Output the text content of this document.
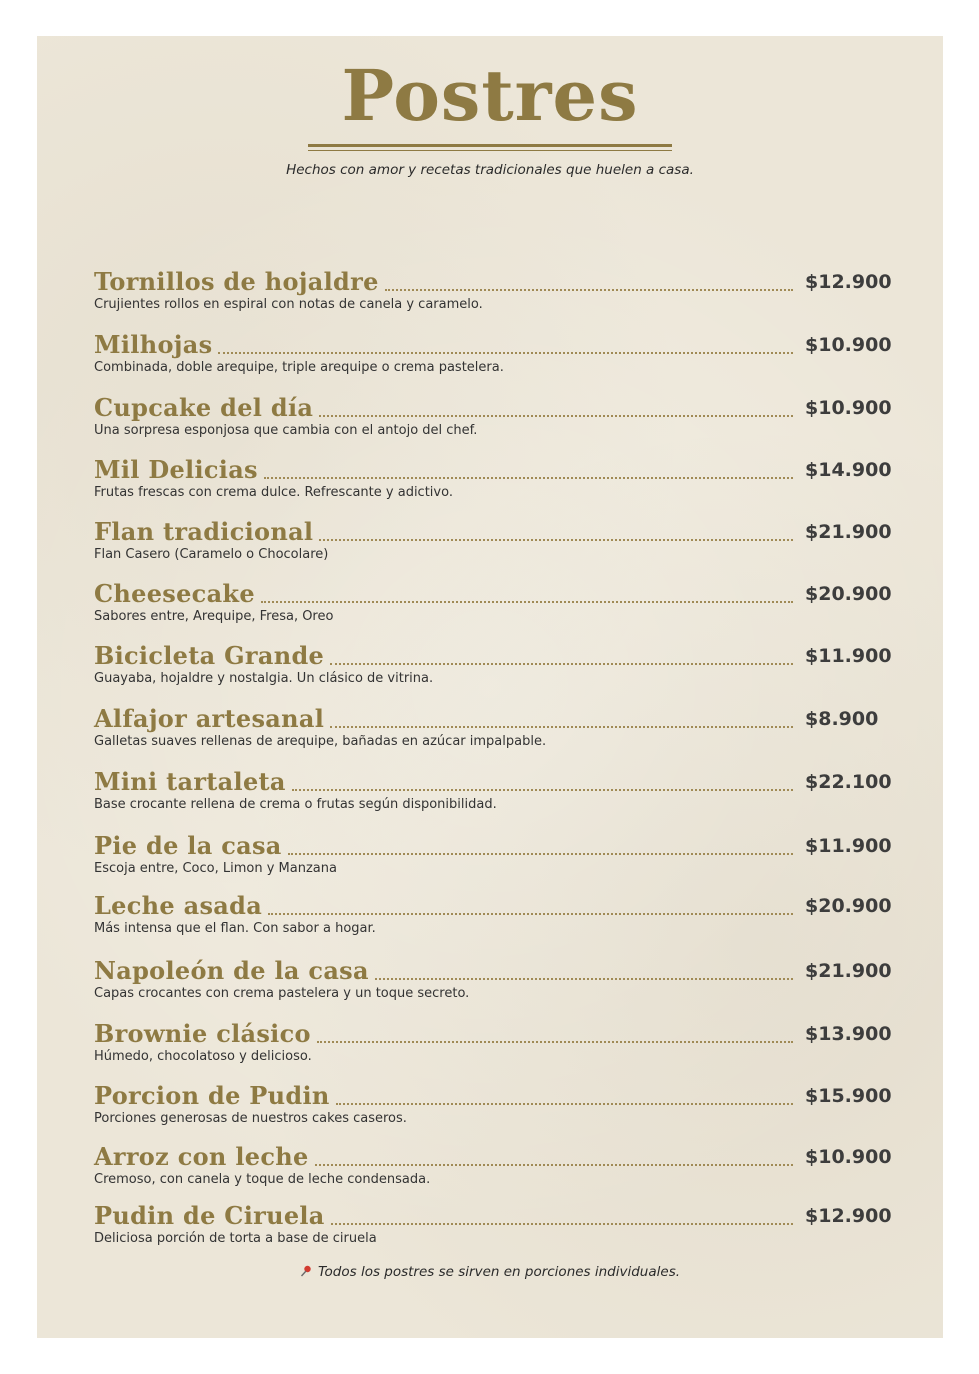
Postres
Hechos con amor y recetas tradicionales que huelen a casa.
Tornillos de hojaldre	$12.900
Crujientes rollos en espiral con notas de canela y caramelo.
Milhojas	$10.900
Combinada, doble arequipe, triple arequipe o crema pastelera.
Cupcake del día	$10.900
Una sorpresa esponjosa que cambia con el antojo del chef.
Mil Delicias	$14.900
Frutas frescas con crema dulce. Refrescante y adictivo.
Flan tradicional	$21.900
Flan Casero (Caramelo o Chocolare)
Cheesecake	$20.900
Sabores entre, Arequipe, Fresa, Oreo
Bicicleta Grande	$11.900
Guayaba, hojaldre y nostalgia. Un clásico de vitrina.
Alfajor artesanal	$8.900
Galletas suaves rellenas de arequipe, bañadas en azúcar impalpable.
Mini tartaleta	$22.100
Base crocante rellena de crema o frutas según disponibilidad.
Pie de la casa	$11.900
Escoja entre, Coco, Limon y Manzana
Leche asada	$20.900
Más intensa que el flan. Con sabor a hogar.
Napoleón de la casa	$21.900
Capas crocantes con crema pastelera y un toque secreto.
Brownie clásico	$13.900
Húmedo, chocolatoso y delicioso.
Porcion de Pudin	$15.900
Porciones generosas de nuestros cakes caseros.
Arroz con leche	$10.900
Cremoso, con canela y toque de leche condensada.
Pudin de Ciruela	$12.900
Deliciosa porción de torta a base de ciruela
Todos los postres se sirven en porciones individuales.
